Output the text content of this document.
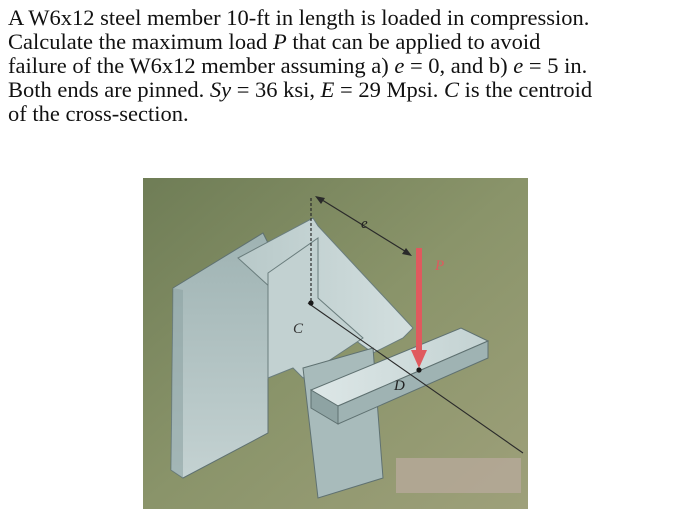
A W6x12 steel member 10-ft in length is loaded in compression.
Calculate the maximum load P that can be applied to avoid
failure of the W6x12 member assuming a) e = 0, and b) e = 5 in.
Both ends are pinned. Sy = 36 ksi, E = 29 Mpsi. C is the centroid
of the cross-section.
e
C
P
D
